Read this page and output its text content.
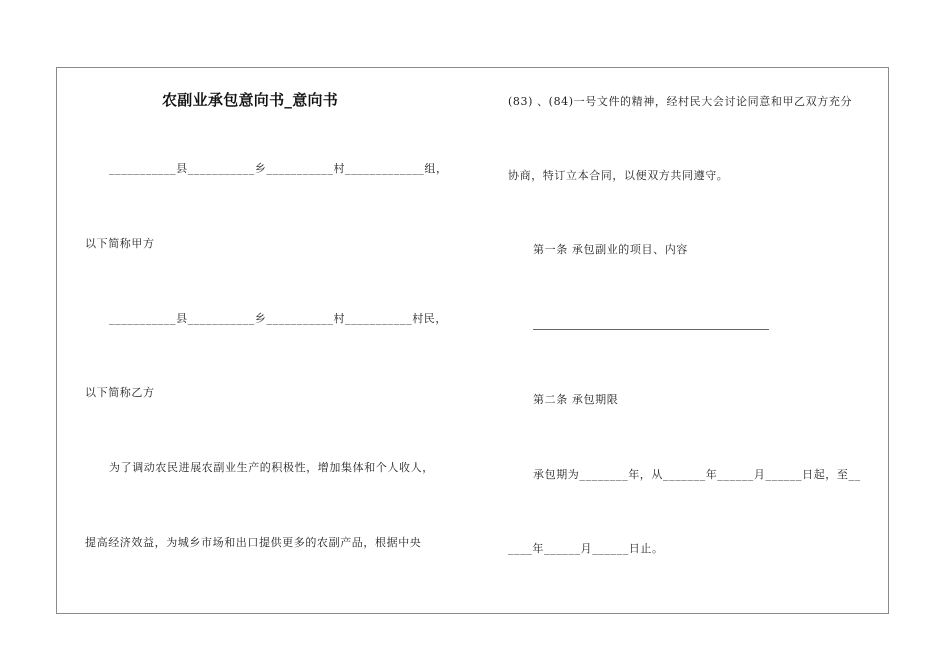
农副业承包意向书_意向书
___________县___________乡___________村_____________组，
以下简称甲方
___________县___________乡___________村___________村民，
以下简称乙方
为了调动农民进展农副业生产的积极性，增加集体和个人收人，
提高经济效益，为城乡市场和出口提供更多的农副产品，根据中央
(83) 、(84)一号文件的精神，经村民大会讨论同意和甲乙双方充分
协商，特订立本合同，以便双方共同遵守。
第一条 承包副业的项目、内容
第二条 承包期限
承包期为________年，从_______年______月______日起，至__
____年______月______日止。
